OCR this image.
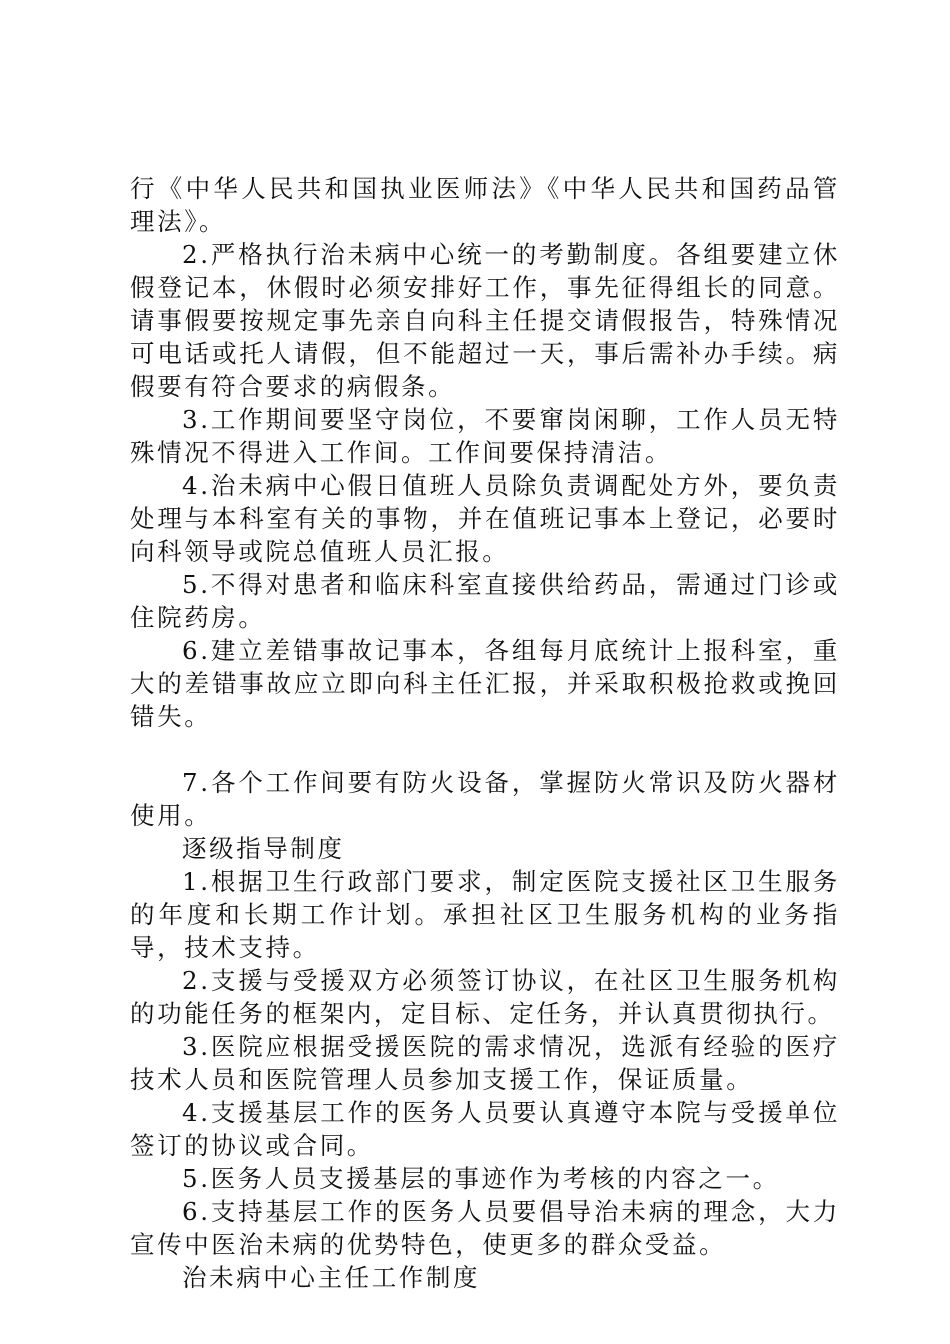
行《中华人民共和国执业医师法》《中华人民共和国药品管理法》。

2.严格执行治未病中心统一的考勤制度。各组要建立休假登记本，休假时必须安排好工作，事先征得组长的同意。请事假要按规定事先亲自向科主任提交请假报告，特殊情况可电话或托人请假，但不能超过一天，事后需补办手续。病假要有符合要求的病假条。

3.工作期间要坚守岗位，不要窜岗闲聊，工作人员无特殊情况不得进入工作间。工作间要保持清洁。

4.治未病中心假日值班人员除负责调配处方外，要负责处理与本科室有关的事物，并在值班记事本上登记，必要时向科领导或院总值班人员汇报。

5.不得对患者和临床科室直接供给药品，需通过门诊或住院药房。

6.建立差错事故记事本，各组每月底统计上报科室，重大的差错事故应立即向科主任汇报，并采取积极抢救或挽回错失。

7.各个工作间要有防火设备，掌握防火常识及防火器材使用。

逐级指导制度

1.根据卫生行政部门要求，制定医院支援社区卫生服务的年度和长期工作计划。承担社区卫生服务机构的业务指导，技术支持。

2.支援与受援双方必须签订协议，在社区卫生服务机构的功能任务的框架内，定目标、定任务，并认真贯彻执行。

3.医院应根据受援医院的需求情况，选派有经验的医疗技术人员和医院管理人员参加支援工作，保证质量。

4.支援基层工作的医务人员要认真遵守本院与受援单位签订的协议或合同。

5.医务人员支援基层的事迹作为考核的内容之一。

6.支持基层工作的医务人员要倡导治未病的理念，大力宣传中医治未病的优势特色，使更多的群众受益。

治未病中心主任工作制度
